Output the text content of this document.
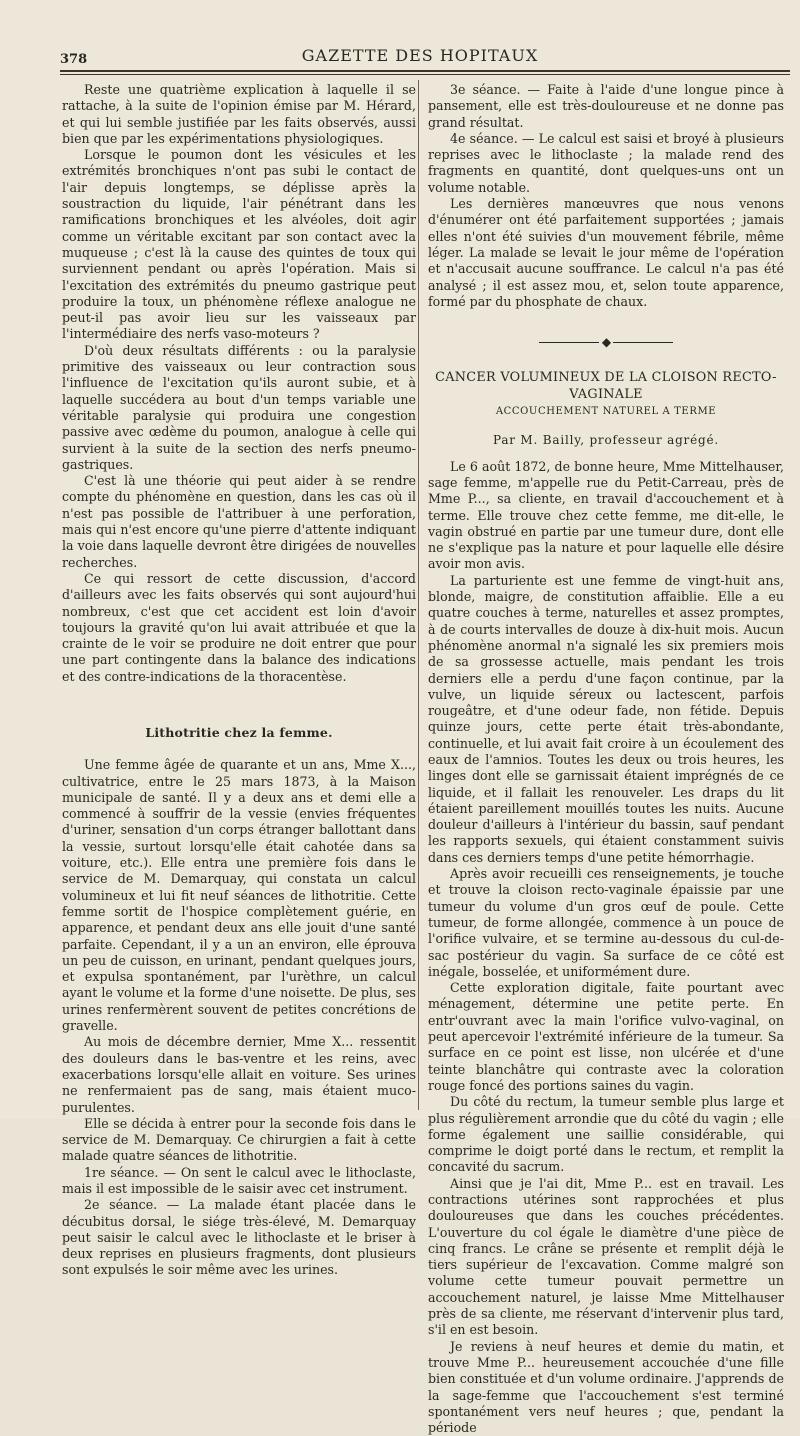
378	GAZETTE DES HOPITAUX

Reste une quatrième explication à laquelle il se rattache, à la suite de l'opinion émise par M. Hérard, et qui lui semble justifiée par les faits observés, aussi bien que par les expérimentations physiologiques.

Lorsque le poumon dont les vésicules et les extrémités bronchiques n'ont pas subi le contact de l'air depuis longtemps, se déplisse après la soustraction du liquide, l'air pénétrant dans les ramifications bronchiques et les alvéoles, doit agir comme un véritable excitant par son contact avec la muqueuse ; c'est là la cause des quintes de toux qui surviennent pendant ou après l'opération. Mais si l'excitation des extrémités du pneumo gastrique peut produire la toux, un phénomène réflexe analogue ne peut-il pas avoir lieu sur les vaisseaux par l'intermédiaire des nerfs vaso-moteurs ?

D'où deux résultats différents : ou la paralysie primitive des vaisseaux ou leur contraction sous l'influence de l'excitation qu'ils auront subie, et à laquelle succédera au bout d'un temps variable une véritable paralysie qui produira une congestion passive avec œdème du poumon, analogue à celle qui survient à la suite de la section des nerfs pneumo-gastriques.

C'est là une théorie qui peut aider à se rendre compte du phénomène en question, dans les cas où il n'est pas possible de l'attribuer à une perforation, mais qui n'est encore qu'une pierre d'attente indiquant la voie dans laquelle devront être dirigées de nouvelles recherches.

Ce qui ressort de cette discussion, d'accord d'ailleurs avec les faits observés qui sont aujourd'hui nombreux, c'est que cet accident est loin d'avoir toujours la gravité qu'on lui avait attribuée et que la crainte de le voir se produire ne doit entrer que pour une part contingente dans la balance des indications et des contre-indications de la thoracentèse.

Lithotritie chez la femme.

Une femme âgée de quarante et un ans, Mme X..., cultivatrice, entre le 25 mars 1873, à la Maison municipale de santé. Il y a deux ans et demi elle a commencé à souffrir de la vessie (envies fréquentes d'uriner, sensation d'un corps étranger ballottant dans la vessie, surtout lorsqu'elle était cahotée dans sa voiture, etc.). Elle entra une première fois dans le service de M. Demarquay, qui constata un calcul volumineux et lui fit neuf séances de lithotritie. Cette femme sortit de l'hospice complètement guérie, en apparence, et pendant deux ans elle jouit d'une santé parfaite. Cependant, il y a un an environ, elle éprouva un peu de cuisson, en urinant, pendant quelques jours, et expulsa spontanément, par l'urèthre, un calcul ayant le volume et la forme d'une noisette. De plus, ses urines renfermèrent souvent de petites concrétions de gravelle.

Au mois de décembre dernier, Mme X... ressentit des douleurs dans le bas-ventre et les reins, avec exacerbations lorsqu'elle allait en voiture. Ses urines ne renfermaient pas de sang, mais étaient muco-purulentes.

Elle se décida à entrer pour la seconde fois dans le service de M. Demarquay. Ce chirurgien a fait à cette malade quatre séances de lithotritie.

1re séance. — On sent le calcul avec le lithoclaste, mais il est impossible de le saisir avec cet instrument.

2e séance. — La malade étant placée dans le décubitus dorsal, le siége très-élevé, M. Demarquay peut saisir le calcul avec le lithoclaste et le briser à deux reprises en plusieurs fragments, dont plusieurs sont expulsés le soir même avec les urines.

3e séance. — Faite à l'aide d'une longue pince à pansement, elle est très-douloureuse et ne donne pas grand résultat.

4e séance. — Le calcul est saisi et broyé à plusieurs reprises avec le lithoclaste ; la malade rend des fragments en quantité, dont quelques-uns ont un volume notable.

Les dernières manœuvres que nous venons d'énumérer ont été parfaitement supportées ; jamais elles n'ont été suivies d'un mouvement fébrile, même léger. La malade se levait le jour même de l'opération et n'accusait aucune souffrance. Le calcul n'a pas été analysé ; il est assez mou, et, selon toute apparence, formé par du phosphate de chaux.

◆
CANCER VOLUMINEUX DE LA CLOISON RECTO-VAGINALE
ACCOUCHEMENT NATUREL A TERME
Par M. Bailly, professeur agrégé.

Le 6 août 1872, de bonne heure, Mme Mittelhauser, sage femme, m'appelle rue du Petit-Carreau, près de Mme P..., sa cliente, en travail d'accouchement et à terme. Elle trouve chez cette femme, me dit-elle, le vagin obstrué en partie par une tumeur dure, dont elle ne s'explique pas la nature et pour laquelle elle désire avoir mon avis.

La parturiente est une femme de vingt-huit ans, blonde, maigre, de constitution affaiblie. Elle a eu quatre couches à terme, naturelles et assez promptes, à de courts intervalles de douze à dix-huit mois. Aucun phénomène anormal n'a signalé les six premiers mois de sa grossesse actuelle, mais pendant les trois derniers elle a perdu d'une façon continue, par la vulve, un liquide séreux ou lactescent, parfois rougeâtre, et d'une odeur fade, non fétide. Depuis quinze jours, cette perte était très-abondante, continuelle, et lui avait fait croire à un écoulement des eaux de l'amnios. Toutes les deux ou trois heures, les linges dont elle se garnissait étaient imprégnés de ce liquide, et il fallait les renouveler. Les draps du lit étaient pareillement mouillés toutes les nuits. Aucune douleur d'ailleurs à l'intérieur du bassin, sauf pendant les rapports sexuels, qui étaient constamment suivis dans ces derniers temps d'une petite hémorrhagie.

Après avoir recueilli ces renseignements, je touche et trouve la cloison recto-vaginale épaissie par une tumeur du volume d'un gros œuf de poule. Cette tumeur, de forme allongée, commence à un pouce de l'orifice vulvaire, et se termine au-dessous du cul-de-sac postérieur du vagin. Sa surface de ce côté est inégale, bosselée, et uniformément dure.

Cette exploration digitale, faite pourtant avec ménagement, détermine une petite perte. En entr'ouvrant avec la main l'orifice vulvo-vaginal, on peut apercevoir l'extrémité inférieure de la tumeur. Sa surface en ce point est lisse, non ulcérée et d'une teinte blanchâtre qui contraste avec la coloration rouge foncé des portions saines du vagin.

Du côté du rectum, la tumeur semble plus large et plus régulièrement arrondie que du côté du vagin ; elle forme également une saillie considérable, qui comprime le doigt porté dans le rectum, et remplit la concavité du sacrum.

Ainsi que je l'ai dit, Mme P... est en travail. Les contractions utérines sont rapprochées et plus douloureuses que dans les couches précédentes. L'ouverture du col égale le diamètre d'une pièce de cinq francs. Le crâne se présente et remplit déjà le tiers supérieur de l'excavation. Comme malgré son volume cette tumeur pouvait permettre un accouchement naturel, je laisse Mme Mittelhauser près de sa cliente, me réservant d'intervenir plus tard, s'il en est besoin.

Je reviens à neuf heures et demie du matin, et trouve Mme P... heureusement accouchée d'une fille bien constituée et d'un volume ordinaire. J'apprends de la sage-femme que l'accouchement s'est terminé spontanément vers neuf heures ; que, pendant la période
